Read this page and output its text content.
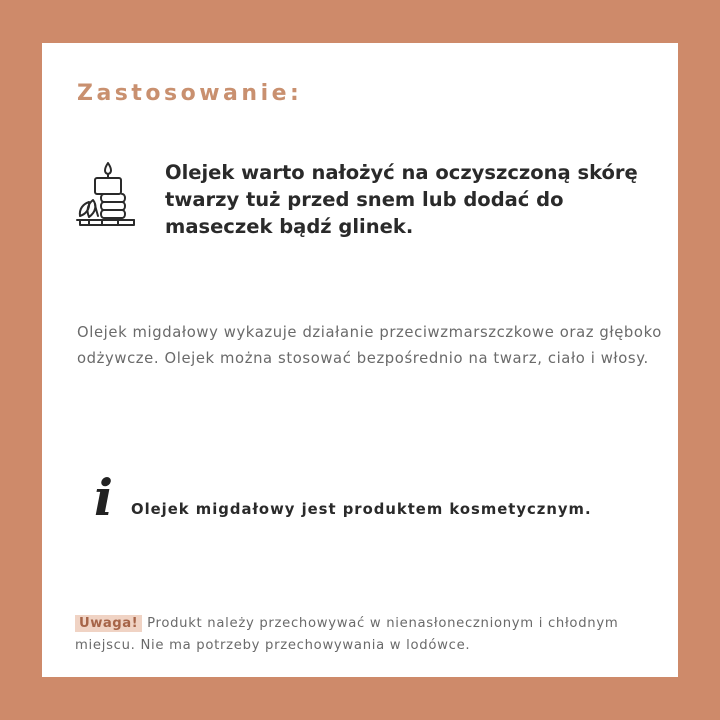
Zastosowanie:

Olejek warto nałożyć na oczyszczoną skórę twarzy tuż przed snem lub dodać do maseczek bądź glinek.

Olejek migdałowy wykazuje działanie przeciwzmarszczkowe oraz głęboko odżywcze. Olejek można stosować bezpośrednio na twarz, ciało i włosy.

i Olejek migdałowy jest produktem kosmetycznym.

Uwaga! Produkt należy przechowywać w nienasłonecznionym i chłodnym miejscu. Nie ma potrzeby przechowywania w lodówce.
